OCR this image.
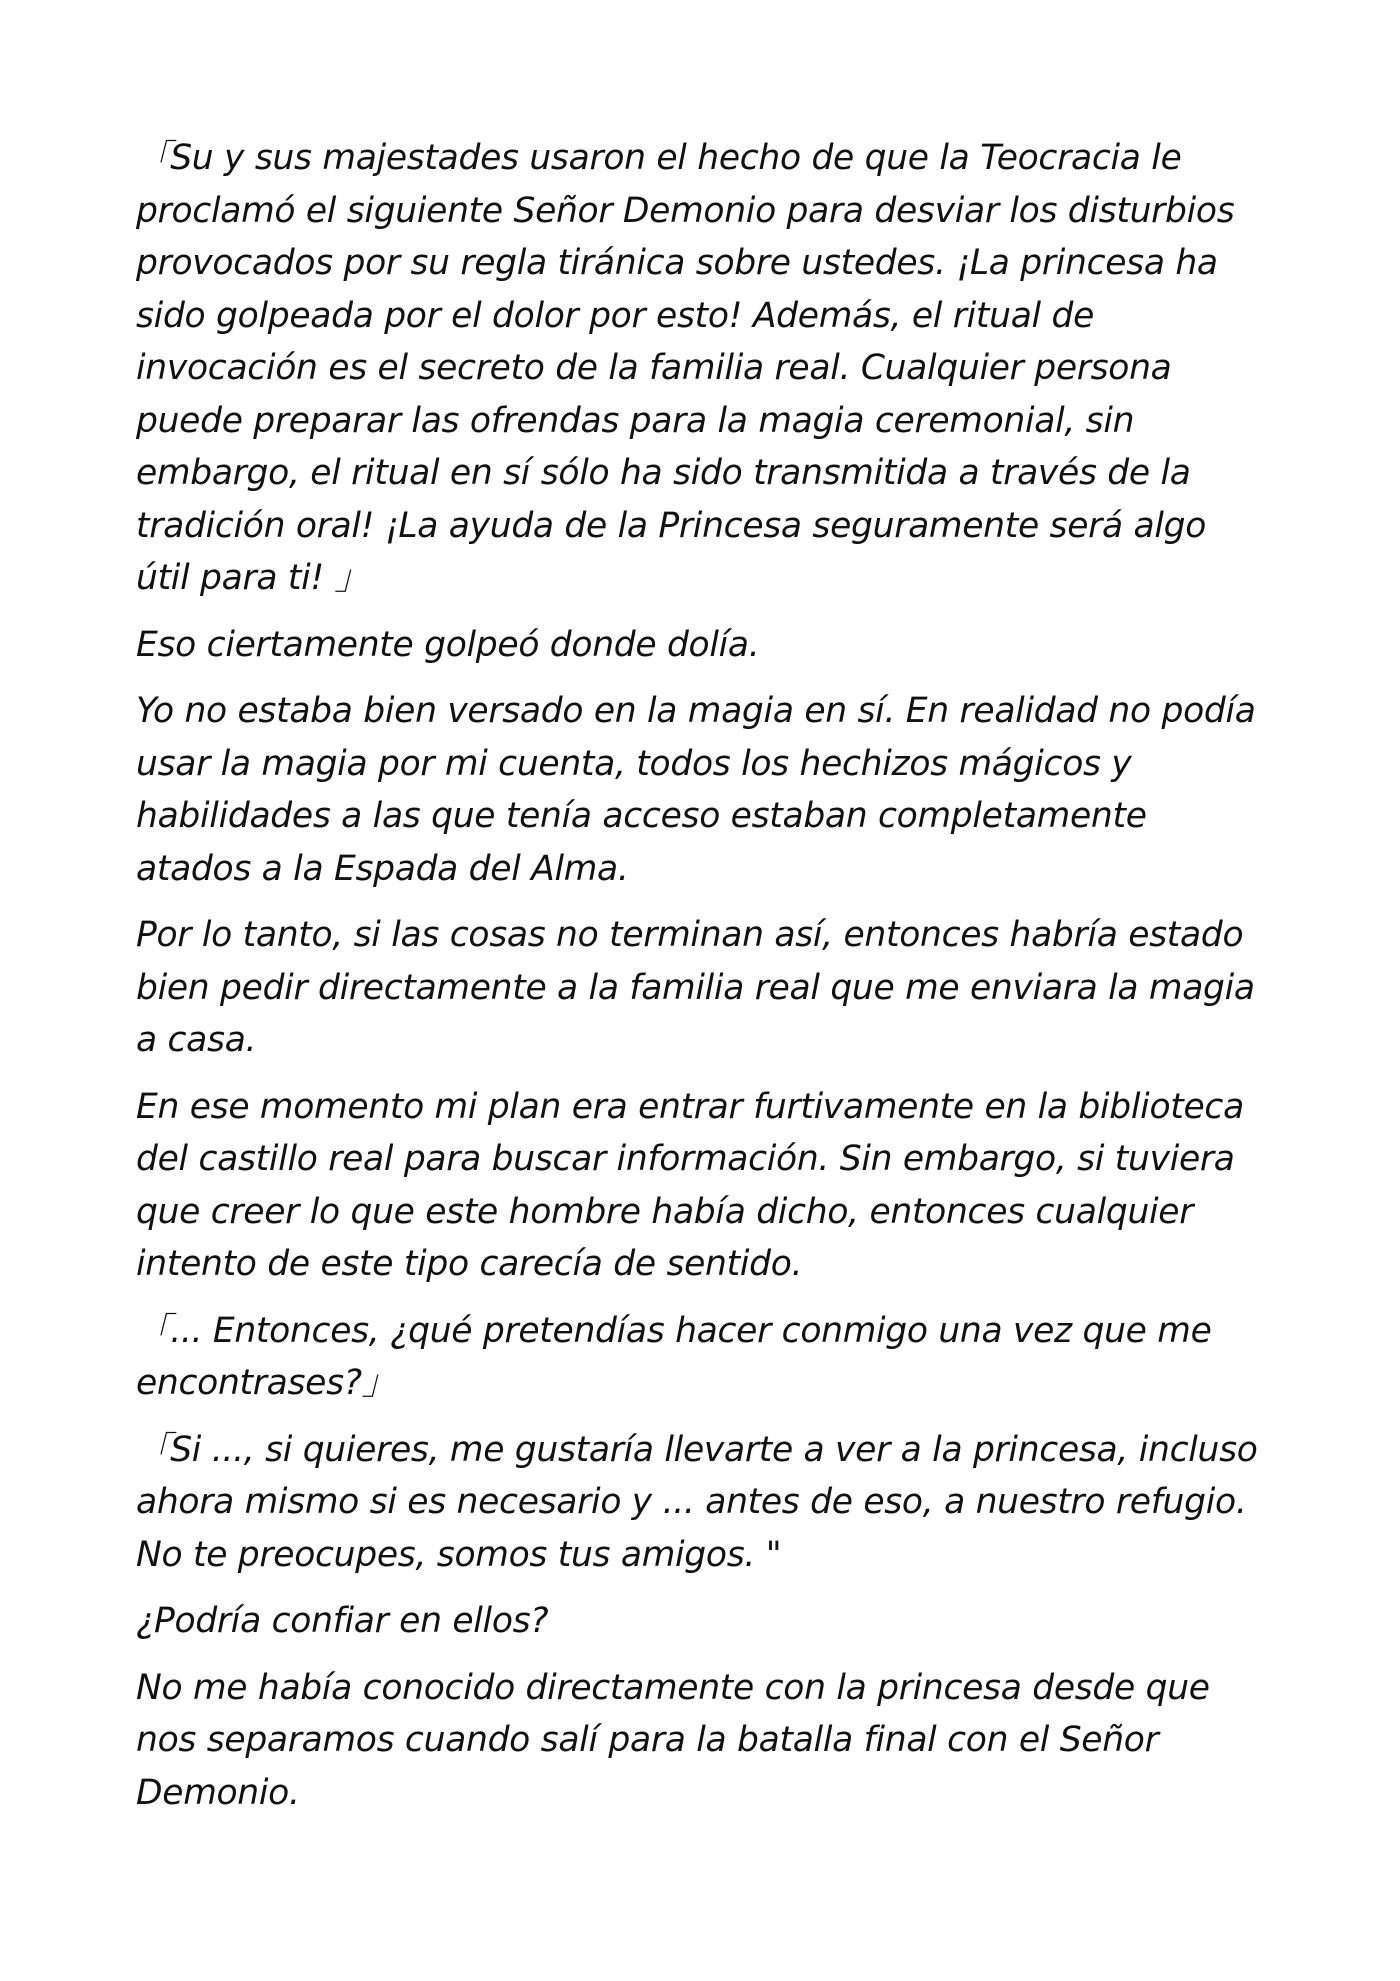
「Su y sus majestades usaron el hecho de que la Teocracia le
proclamó el siguiente Señor Demonio para desviar los disturbios
provocados por su regla tiránica sobre ustedes. ¡La princesa ha
sido golpeada por el dolor por esto! Además, el ritual de
invocación es el secreto de la familia real. Cualquier persona
puede preparar las ofrendas para la magia ceremonial, sin
embargo, el ritual en sí sólo ha sido transmitida a través de la
tradición oral! ¡La ayuda de la Princesa seguramente será algo
útil para ti! 」

Eso ciertamente golpeó donde dolía.

Yo no estaba bien versado en la magia en sí. En realidad no podía
usar la magia por mi cuenta, todos los hechizos mágicos y
habilidades a las que tenía acceso estaban completamente
atados a la Espada del Alma.

Por lo tanto, si las cosas no terminan así, entonces habría estado
bien pedir directamente a la familia real que me enviara la magia
a casa.

En ese momento mi plan era entrar furtivamente en la biblioteca
del castillo real para buscar información. Sin embargo, si tuviera
que creer lo que este hombre había dicho, entonces cualquier
intento de este tipo carecía de sentido.

「... Entonces, ¿qué pretendías hacer conmigo una vez que me
encontrases?」

「Si ..., si quieres, me gustaría llevarte a ver a la princesa, incluso
ahora mismo si es necesario y ... antes de eso, a nuestro refugio.
No te preocupes, somos tus amigos. "

¿Podría confiar en ellos?

No me había conocido directamente con la princesa desde que
nos separamos cuando salí para la batalla final con el Señor
Demonio.
